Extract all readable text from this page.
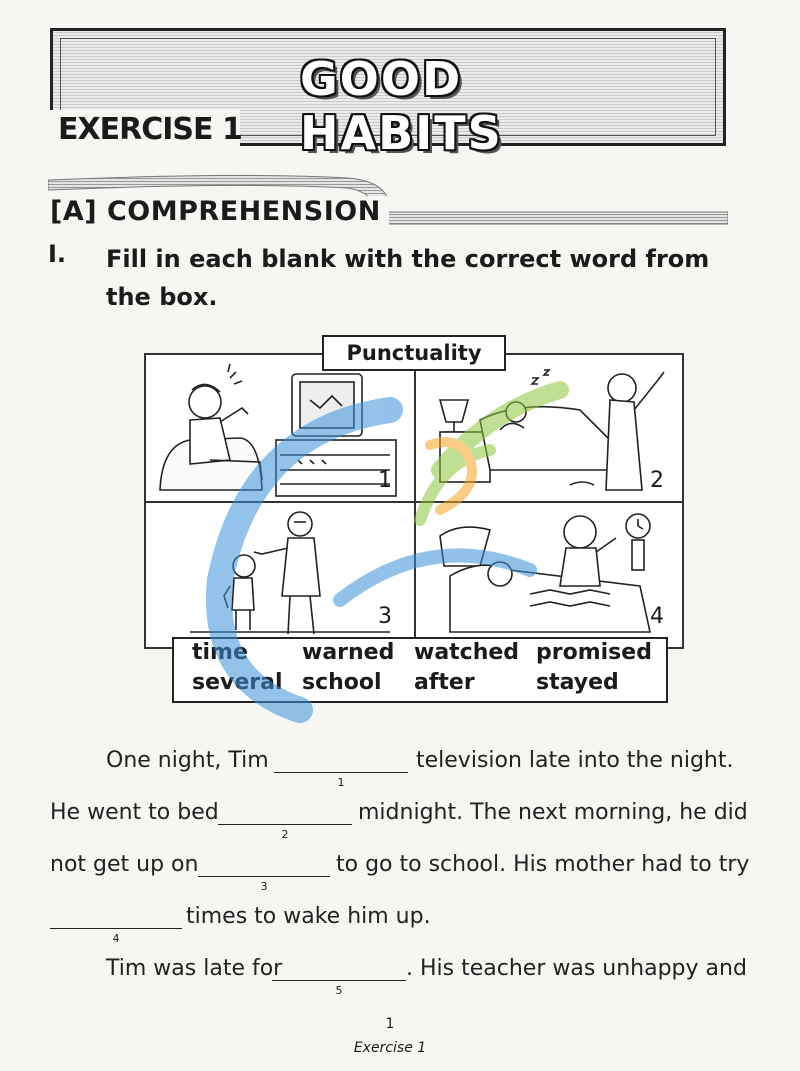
GOOD HABITS
EXERCISE 1
[A] COMPREHENSION
I. Fill in each blank with the correct word from the box.
1	2
3	4
Punctuality
time warned watched promised
several school after	stayed
One night, Tim
1
television late into the night.
He went to bed
2
midnight. The next morning, he did
not get up on
3
to go to school. His mother had to try
4
times to wake him up.
Tim was late for
5
. His teacher was unhappy and
1
Exercise 1
